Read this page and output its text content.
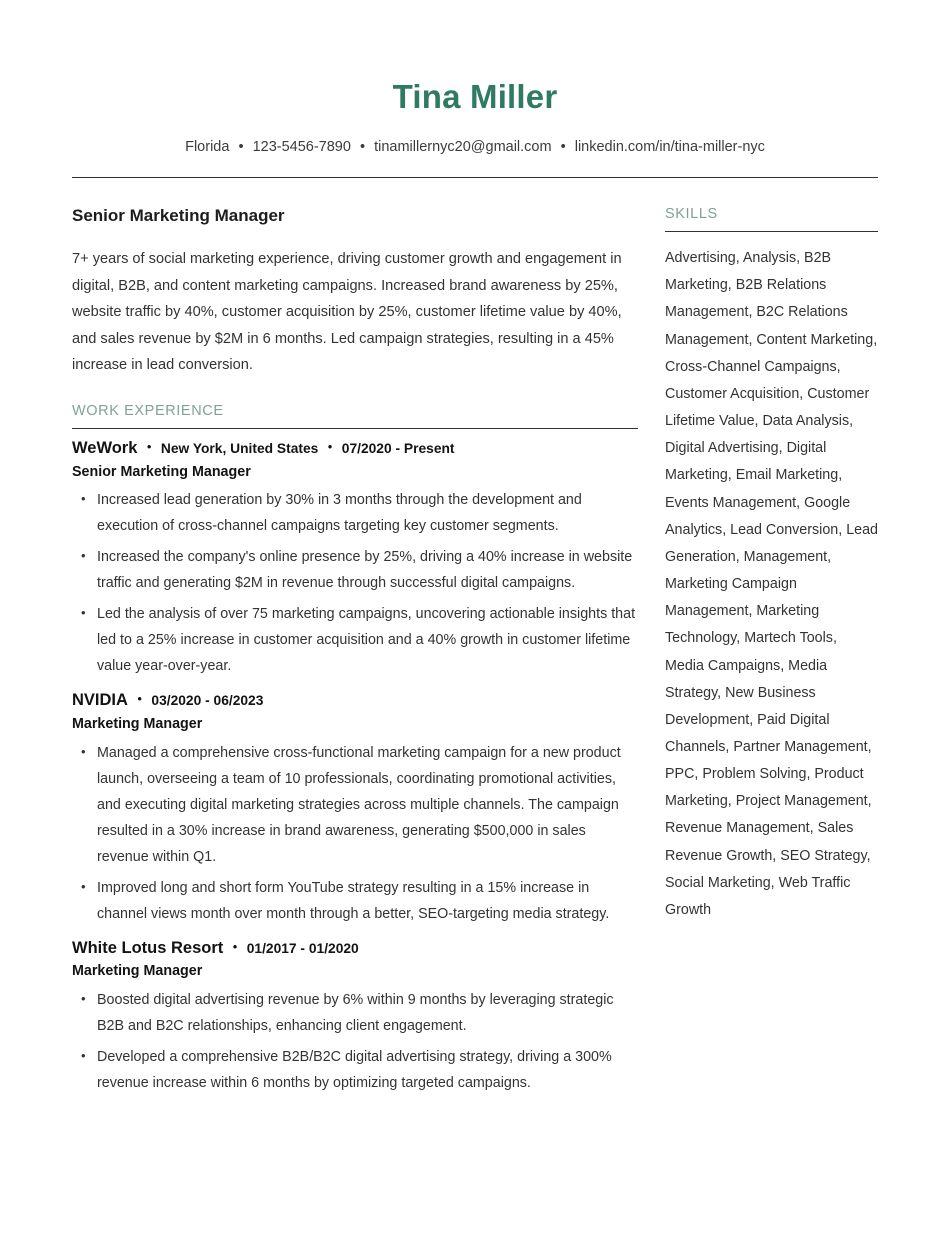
Tina Miller
Florida • 123-5456-7890 • tinamillernyc20@gmail.com • linkedin.com/in/tina-miller-nyc
Senior Marketing Manager

7+ years of social marketing experience, driving customer growth and engagement in digital, B2B, and content marketing campaigns. Increased brand awareness by 25%, website traffic by 40%, customer acquisition by 25%, customer lifetime value by 40%, and sales revenue by $2M in 6 months. Led campaign strategies, resulting in a 45% increase in lead conversion.

WORK EXPERIENCE
WeWork • New York, United States • 07/2020 - Present
Senior Marketing Manager
• Increased lead generation by 30% in 3 months through the development and execution of cross-channel campaigns targeting key customer segments.
• Increased the company's online presence by 25%, driving a 40% increase in website traffic and generating $2M in revenue through successful digital campaigns.
• Led the analysis of over 75 marketing campaigns, uncovering actionable insights that led to a 25% increase in customer acquisition and a 40% growth in customer lifetime value year-over-year.
NVIDIA • 03/2020 - 06/2023
Marketing Manager
• Managed a comprehensive cross-functional marketing campaign for a new product launch, overseeing a team of 10 professionals, coordinating promotional activities, and executing digital marketing strategies across multiple channels. The campaign resulted in a 30% increase in brand awareness, generating $500,000 in sales revenue within Q1.
• Improved long and short form YouTube strategy resulting in a 15% increase in channel views month over month through a better, SEO-targeting media strategy.
White Lotus Resort • 01/2017 - 01/2020
Marketing Manager
• Boosted digital advertising revenue by 6% within 9 months by leveraging strategic B2B and B2C relationships, enhancing client engagement.
• Developed a comprehensive B2B/B2C digital advertising strategy, driving a 300% revenue increase within 6 months by optimizing targeted campaigns.
SKILLS

Advertising, Analysis, B2B Marketing, B2B Relations Management, B2C Relations Management, Content Marketing, Cross-Channel Campaigns, Customer Acquisition, Customer Lifetime Value, Data Analysis, Digital Advertising, Digital Marketing, Email Marketing, Events Management, Google Analytics, Lead Conversion, Lead Generation, Management, Marketing Campaign Management, Marketing Technology, Martech Tools, Media Campaigns, Media Strategy, New Business Development, Paid Digital Channels, Partner Management, PPC, Problem Solving, Product Marketing, Project Management, Revenue Management, Sales Revenue Growth, SEO Strategy, Social Marketing, Web Traffic Growth
